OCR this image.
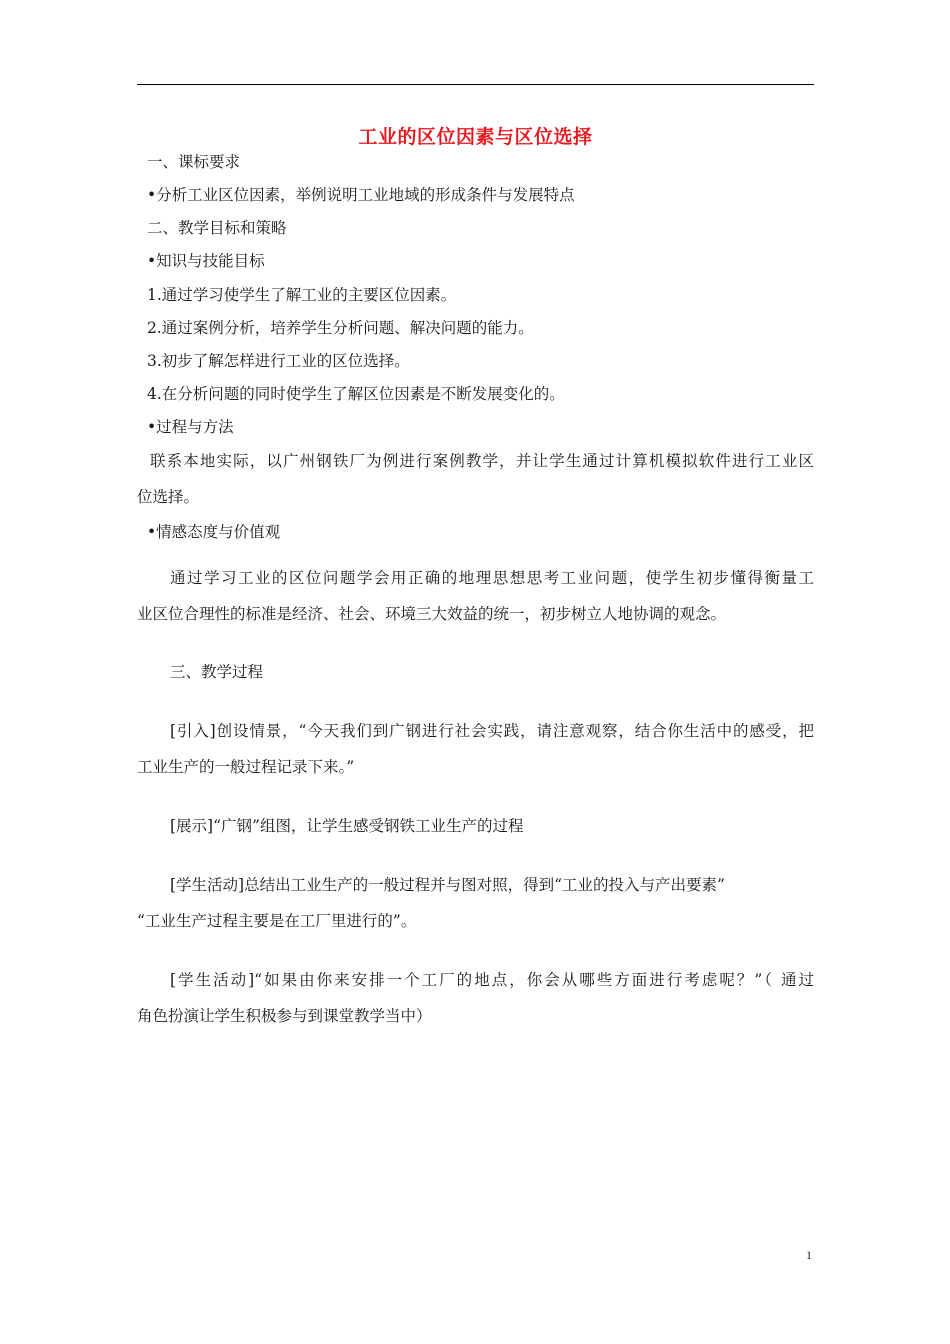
工业的区位因素与区位选择
一、课标要求
•分析工业区位因素，举例说明工业地域的形成条件与发展特点
二、教学目标和策略
•知识与技能目标
1.通过学习使学生了解工业的主要区位因素。
2.通过案例分析，培养学生分析问题、解决问题的能力。
3.初步了解怎样进行工业的区位选择。
4.在分析问题的同时使学生了解区位因素是不断发展变化的。
•过程与方法
联系本地实际，以广州钢铁厂为例进行案例教学，并让学生通过计算机模拟软件进行工业区
位选择。
•情感态度与价值观
通过学习工业的区位问题学会用正确的地理思想思考工业问题，使学生初步懂得衡量工
业区位合理性的标准是经济、社会、环境三大效益的统一，初步树立人地协调的观念。
三、教学过程
[引入]创设情景，“今天我们到广钢进行社会实践，请注意观察，结合你生活中的感受，把
工业生产的一般过程记录下来。”
[展示]“广钢”组图，让学生感受钢铁工业生产的过程
[学生活动]总结出工业生产的一般过程并与图对照，得到“工业的投入与产出要素”
“工业生产过程主要是在工厂里进行的”。
[学生活动]“如果由你来安排一个工厂的地点，你会从哪些方面进行考虑呢？”（ 通过
角色扮演让学生积极参与到课堂教学当中）
1
